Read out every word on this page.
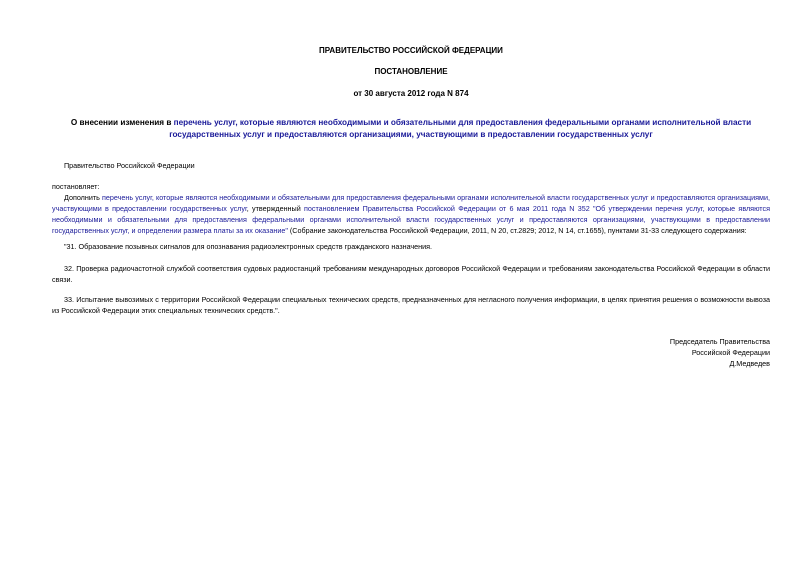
ПРАВИТЕЛЬСТВО РОССИЙСКОЙ ФЕДЕРАЦИИ
ПОСТАНОВЛЕНИЕ
от 30 августа 2012 года N 874
О внесении изменения в перечень услуг, которые являются необходимыми и обязательными для предоставления федеральными органами исполнительной власти государственных услуг и предоставляются организациями, участвующими в предоставлении государственных услуг
Правительство Российской Федерации
постановляет:
Дополнить перечень услуг, которые являются необходимыми и обязательными для предоставления федеральными органами исполнительной власти государственных услуг и предоставляются организациями, участвующими в предоставлении государственных услуг, утвержденный постановлением Правительства Российской Федерации от 6 мая 2011 года N 352 "Об утверждении перечня услуг, которые являются необходимыми и обязательными для предоставления федеральными органами исполнительной власти государственных услуг и предоставляются организациями, участвующими в предоставлении государственных услуг, и определении размера платы за их оказание" (Собрание законодательства Российской Федерации, 2011, N 20, ст.2829; 2012, N 14, ст.1655), пунктами 31-33 следующего содержания:
"31. Образование позывных сигналов для опознавания радиоэлектронных средств гражданского назначения.
32. Проверка радиочастотной службой соответствия судовых радиостанций требованиям международных договоров Российской Федерации и требованиям законодательства Российской Федерации в области связи.
33. Испытание вывозимых с территории Российской Федерации специальных технических средств, предназначенных для негласного получения информации, в целях принятия решения о возможности вывоза из Российской Федерации этих специальных технических средств.".
Председатель Правительства
Российской Федерации
Д.Медведев
